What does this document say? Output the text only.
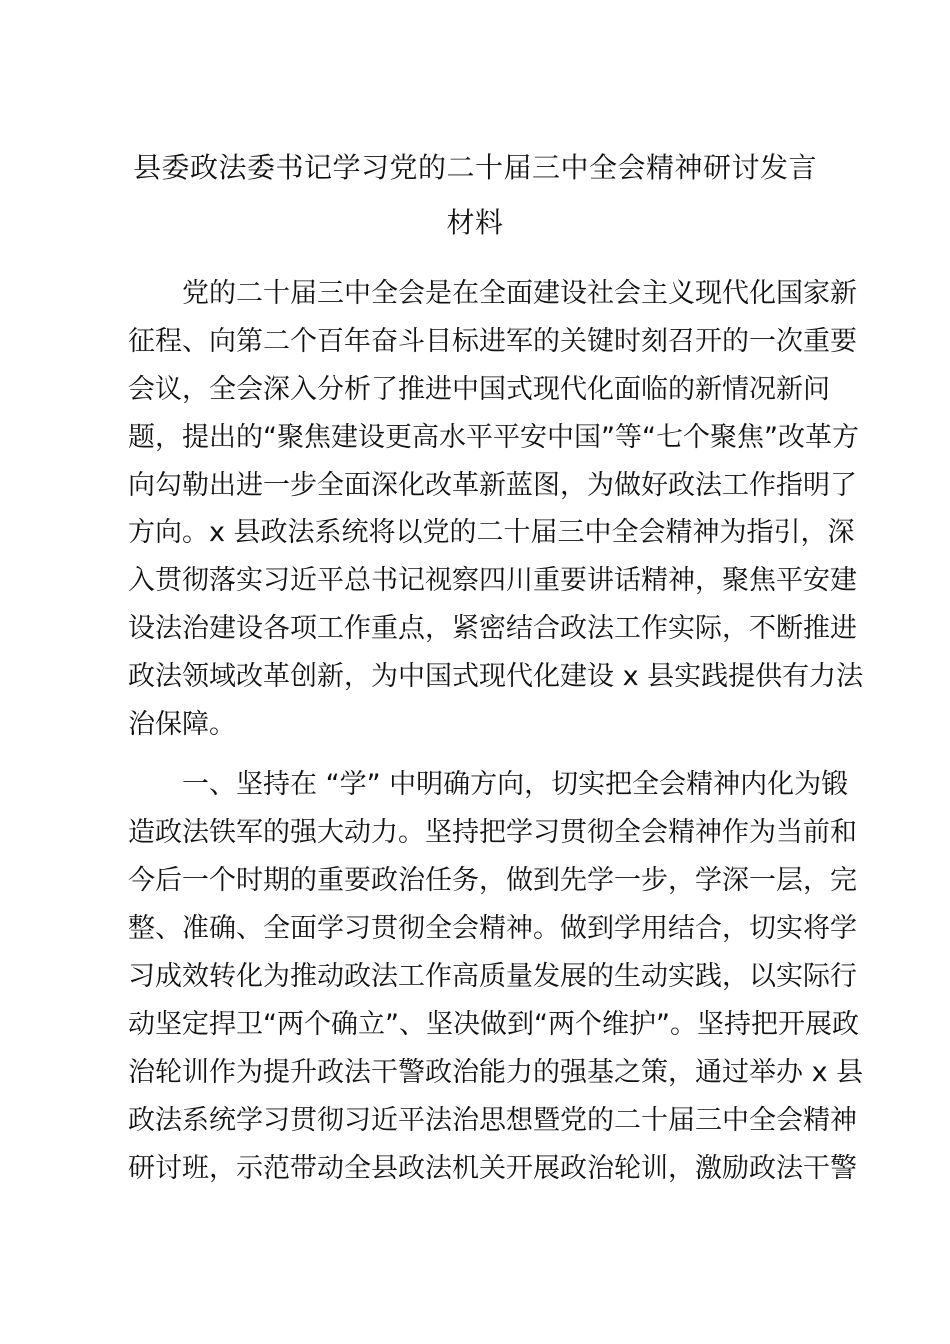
县委政法委书记学习党的二十届三中全会精神研讨发言
材料
党的二十届三中全会是在全面建设社会主义现代化国家新
征程、向第二个百年奋斗目标进军的关键时刻召开的一次重要
会议，全会深入分析了推进中国式现代化面临的新情况新问
题，提出的“聚焦建设更高水平平安中国”等“七个聚焦”改革方
向勾勒出进一步全面深化改革新蓝图，为做好政法工作指明了
方向。x 县政法系统将以党的二十届三中全会精神为指引，深
入贯彻落实习近平总书记视察四川重要讲话精神，聚焦平安建
设法治建设各项工作重点，紧密结合政法工作实际，不断推进
政法领域改革创新，为中国式现代化建设 x 县实践提供有力法
治保障。
一、坚持在 “学” 中明确方向，切实把全会精神内化为锻
造政法铁军的强大动力。坚持把学习贯彻全会精神作为当前和
今后一个时期的重要政治任务，做到先学一步，学深一层，完
整、准确、全面学习贯彻全会精神。做到学用结合，切实将学
习成效转化为推动政法工作高质量发展的生动实践，以实际行
动坚定捍卫“两个确立”、坚决做到“两个维护”。坚持把开展政
治轮训作为提升政法干警政治能力的强基之策，通过举办 x 县
政法系统学习贯彻习近平法治思想暨党的二十届三中全会精神
研讨班，示范带动全县政法机关开展政治轮训，激励政法干警
